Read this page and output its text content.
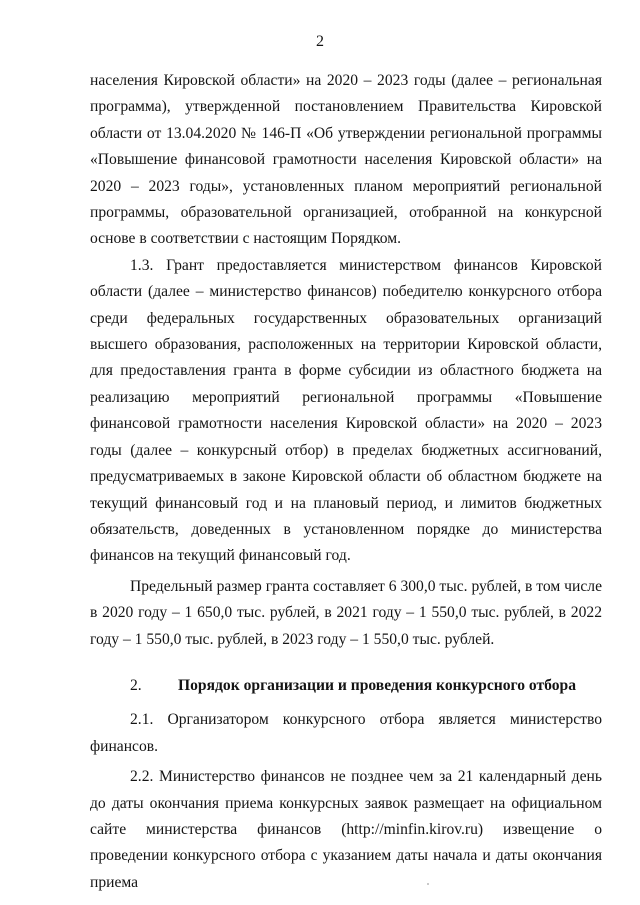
2

населения Кировской области» на 2020 – 2023 годы (далее – региональная программа), утвержденной постановлением Правительства Кировской области от 13.04.2020 № 146-П «Об утверждении региональной программы «Повышение финансовой грамотности населения Кировской области» на 2020 – 2023 годы», установленных планом мероприятий региональной программы, образовательной организацией, отобранной на конкурсной основе в соответствии с настоящим Порядком.

1.3. Грант предоставляется министерством финансов Кировской области (далее – министерство финансов) победителю конкурсного отбора среди федеральных государственных образовательных организаций высшего образования, расположенных на территории Кировской области, для предоставления гранта в форме субсидии из областного бюджета на реализацию мероприятий региональной программы «Повышение финансовой грамотности населения Кировской области» на 2020 – 2023 годы (далее – конкурсный отбор) в пределах бюджетных ассигнований, предусматриваемых в законе Кировской области об областном бюджете на текущий финансовый год и на плановый период, и лимитов бюджетных обязательств, доведенных в установленном порядке до министерства финансов на текущий финансовый год.

Предельный размер гранта составляет 6 300,0 тыс. рублей, в том числе в 2020 году – 1 650,0 тыс. рублей, в 2021 году – 1 550,0 тыс. рублей, в 2022 году – 1 550,0 тыс. рублей, в 2023 году – 1 550,0 тыс. рублей.

2. Порядок организации и проведения конкурсного отбора

2.1. Организатором конкурсного отбора является министерство финансов.

2.2. Министерство финансов не позднее чем за 21 календарный день до даты окончания приема конкурсных заявок размещает на официальном сайте министерства финансов (http://minfin.kirov.ru) извещение о проведении конкурсного отбора с указанием даты начала и даты окончания приема
